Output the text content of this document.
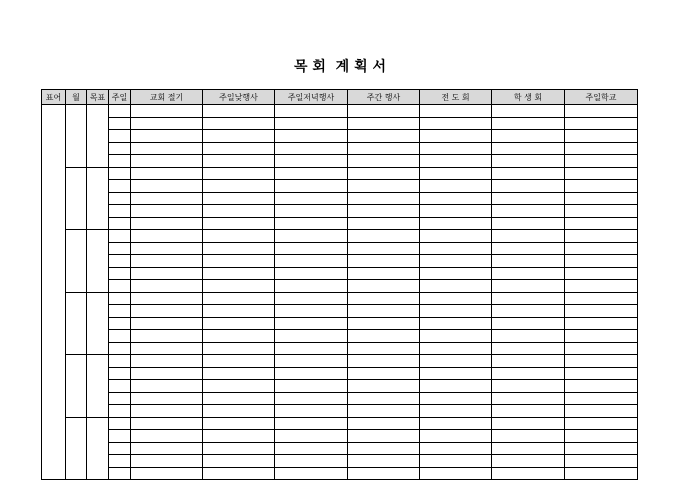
목 회  계 획 서
표어	월	목표	주일	교회 절기	주일낮행사	주일저녁행사	주간 행사	전 도 회	학 생 회	주일학교
